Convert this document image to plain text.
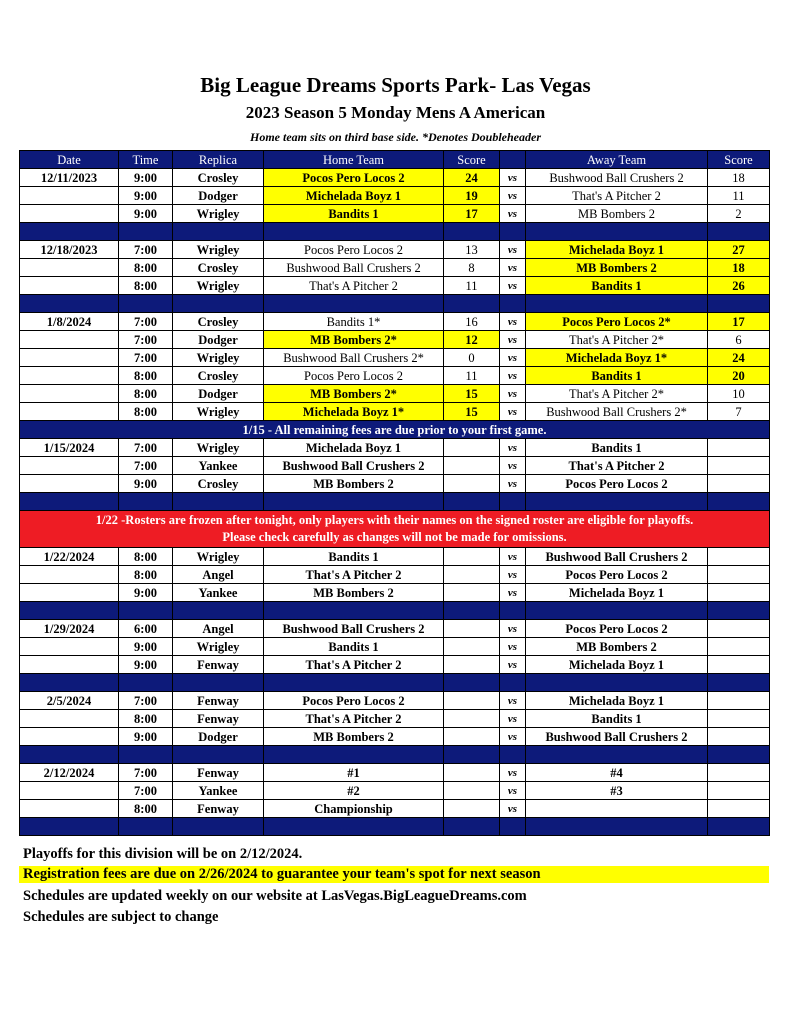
Big League Dreams Sports Park- Las Vegas
2023 Season 5 Monday Mens A American
Home team sits on third base side. *Denotes Doubleheader
Date	Time	Replica	Home Team	Score		Away Team	Score
12/11/2023	9:00	Crosley	Pocos Pero Locos 2	24	vs	Bushwood Ball Crushers 2	18
	9:00	Dodger	Michelada Boyz 1	19	vs	That's A Pitcher 2	11
	9:00	Wrigley	Bandits 1	17	vs	MB Bombers 2	2

12/18/2023	7:00	Wrigley	Pocos Pero Locos 2	13	vs	Michelada Boyz 1	27
	8:00	Crosley	Bushwood Ball Crushers 2	8	vs	MB Bombers 2	18
	8:00	Wrigley	That's A Pitcher 2	11	vs	Bandits 1	26

1/8/2024	7:00	Crosley	Bandits 1*	16	vs	Pocos Pero Locos 2*	17
	7:00	Dodger	MB Bombers 2*	12	vs	That's A Pitcher 2*	6
	7:00	Wrigley	Bushwood Ball Crushers 2*	0	vs	Michelada Boyz 1*	24
	8:00	Crosley	Pocos Pero Locos 2	11	vs	Bandits 1	20
	8:00	Dodger	MB Bombers 2*	15	vs	That's A Pitcher 2*	10
	8:00	Wrigley	Michelada Boyz 1*	15	vs	Bushwood Ball Crushers 2*	7
1/15 - All remaining fees are due prior to your first game.							
1/15/2024	7:00	Wrigley	Michelada Boyz 1		vs	Bandits 1	
	7:00	Yankee	Bushwood Ball Crushers 2		vs	That's A Pitcher 2	
	9:00	Crosley	MB Bombers 2		vs	Pocos Pero Locos 2	

1/22 -Rosters are frozen after tonight, only players with their names on the signed roster are eligible for playoffs.
Please check carefully as changes will not be made for omissions.							

1/22/2024	8:00	Wrigley	Bandits 1		vs	Bushwood Ball Crushers 2	
	8:00	Angel	That's A Pitcher 2		vs	Pocos Pero Locos 2	
	9:00	Yankee	MB Bombers 2		vs	Michelada Boyz 1	

1/29/2024	6:00	Angel	Bushwood Ball Crushers 2		vs	Pocos Pero Locos 2	
	9:00	Wrigley	Bandits 1		vs	MB Bombers 2	
	9:00	Fenway	That's A Pitcher 2		vs	Michelada Boyz 1	

2/5/2024	7:00	Fenway	Pocos Pero Locos 2		vs	Michelada Boyz 1	
	8:00	Fenway	That's A Pitcher 2		vs	Bandits 1	
	9:00	Dodger	MB Bombers 2		vs	Bushwood Ball Crushers 2	

2/12/2024	7:00	Fenway	#1		vs	#4	
	7:00	Yankee	#2		vs	#3	
	8:00	Fenway	Championship		vs		

Playoffs for this division will be on 2/12/2024.
Registration fees are due on 2/26/2024 to guarantee your team's spot for next season
Schedules are updated weekly on our website at LasVegas.BigLeagueDreams.com
Schedules are subject to change
